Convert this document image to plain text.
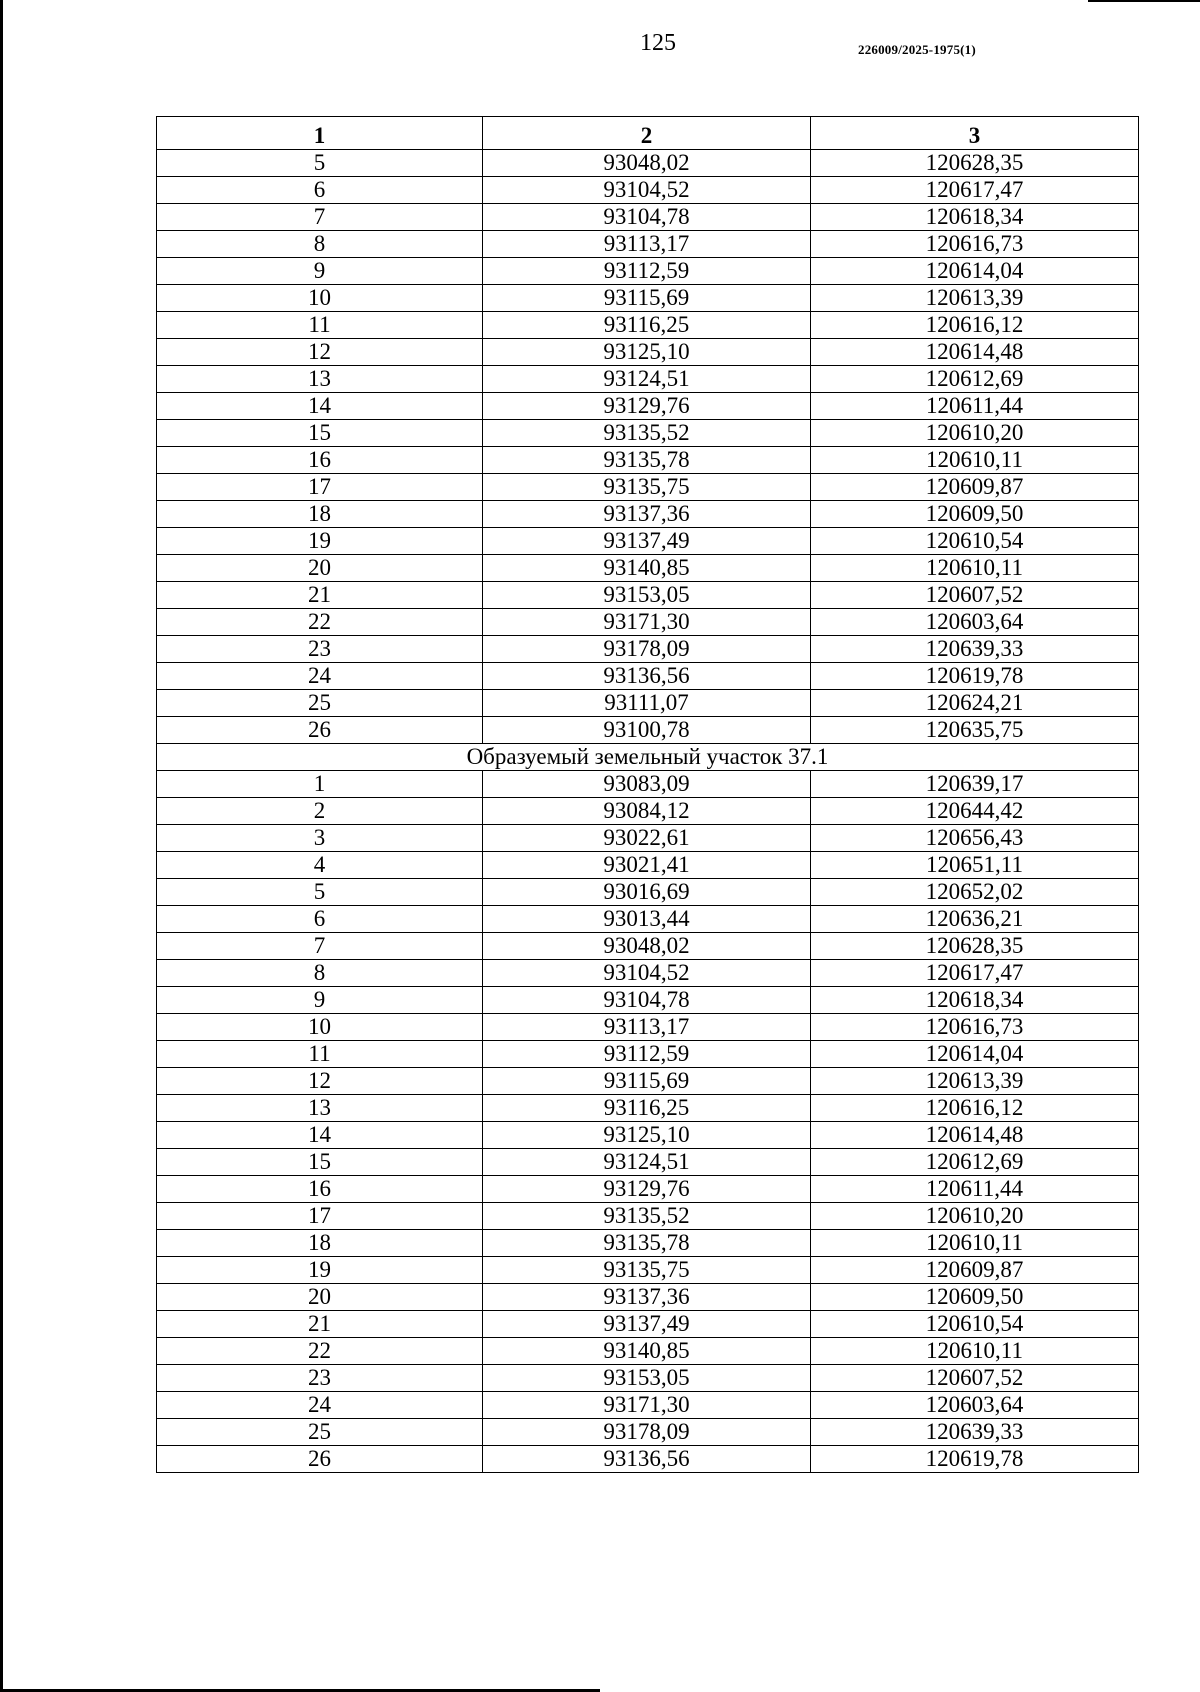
125	226009/2025-1975(1)
1	2	3
5	93048,02	120628,35
6	93104,52	120617,47
7	93104,78	120618,34
8	93113,17	120616,73
9	93112,59	120614,04
10	93115,69	120613,39
11	93116,25	120616,12
12	93125,10	120614,48
13	93124,51	120612,69
14	93129,76	120611,44
15	93135,52	120610,20
16	93135,78	120610,11
17	93135,75	120609,87
18	93137,36	120609,50
19	93137,49	120610,54
20	93140,85	120610,11
21	93153,05	120607,52
22	93171,30	120603,64
23	93178,09	120639,33
24	93136,56	120619,78
25	93111,07	120624,21
26	93100,78	120635,75
Образуемый земельный участок 37.1		
1	93083,09	120639,17
2	93084,12	120644,42
3	93022,61	120656,43
4	93021,41	120651,11
5	93016,69	120652,02
6	93013,44	120636,21
7	93048,02	120628,35
8	93104,52	120617,47
9	93104,78	120618,34
10	93113,17	120616,73
11	93112,59	120614,04
12	93115,69	120613,39
13	93116,25	120616,12
14	93125,10	120614,48
15	93124,51	120612,69
16	93129,76	120611,44
17	93135,52	120610,20
18	93135,78	120610,11
19	93135,75	120609,87
20	93137,36	120609,50
21	93137,49	120610,54
22	93140,85	120610,11
23	93153,05	120607,52
24	93171,30	120603,64
25	93178,09	120639,33
26	93136,56	120619,78
